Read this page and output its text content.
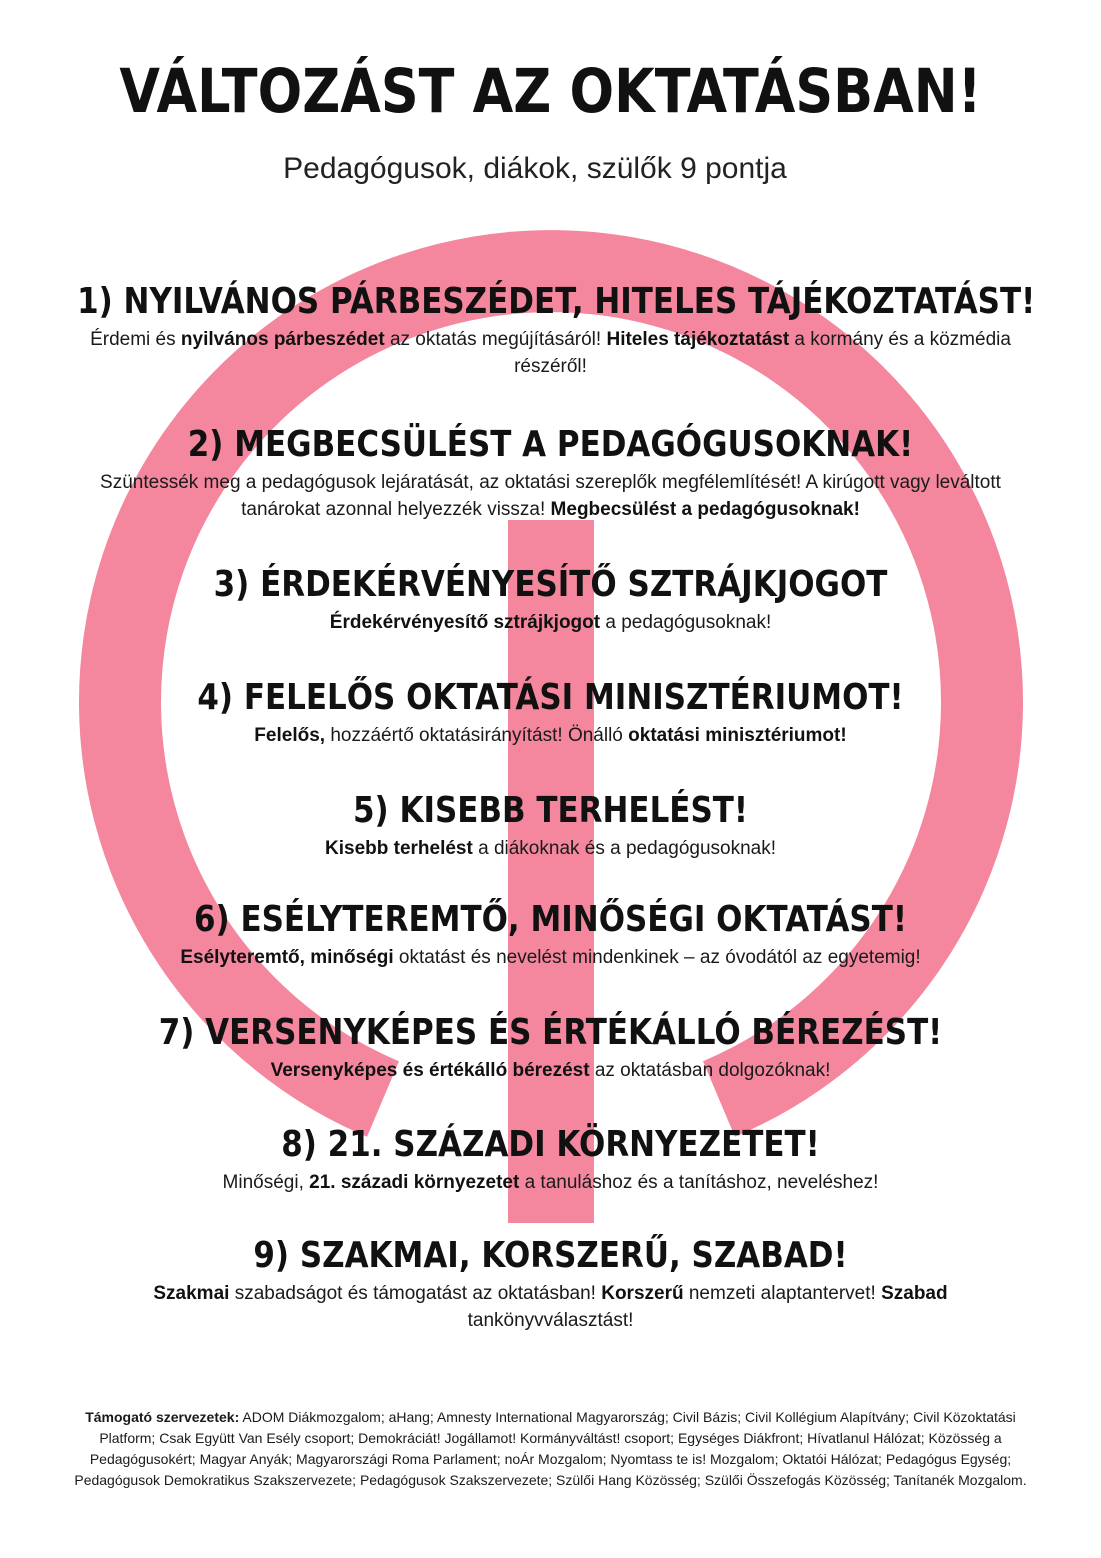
VÁLTOZÁST AZ OKTATÁSBAN!
Pedagógusok, diákok, szülők 9 pontja
1) NYILVÁNOS PÁRBESZÉDET, HITELES TÁJÉKOZTATÁST!

Érdemi és nyilvános párbeszédet az oktatás megújításáról! Hiteles tájékoztatást a kormány és a közmédia részéről!

2) MEGBECSÜLÉST A PEDAGÓGUSOKNAK!

Szüntessék meg a pedagógusok lejáratását, az oktatási szereplők megfélemlítését! A kirúgott vagy leváltott tanárokat azonnal helyezzék vissza! Megbecsülést a pedagógusoknak!

3) ÉRDEKÉRVÉNYESÍTŐ SZTRÁJKJOGOT

Érdekérvényesítő sztrájkjogot a pedagógusoknak!

4) FELELŐS OKTATÁSI MINISZTÉRIUMOT!

Felelős, hozzáértő oktatásirányítást! Önálló oktatási minisztériumot!

5) KISEBB TERHELÉST!

Kisebb terhelést a diákoknak és a pedagógusoknak!

6) ESÉLYTEREMTŐ, MINŐSÉGI OKTATÁST!

Esélyteremtő, minőségi oktatást és nevelést mindenkinek – az óvodától az egyetemig!

7) VERSENYKÉPES ÉS ÉRTÉKÁLLÓ BÉREZÉST!

Versenyképes és értékálló bérezést az oktatásban dolgozóknak!

8) 21. SZÁZADI KÖRNYEZETET!

Minőségi, 21. századi környezetet a tanuláshoz és a tanításhoz, neveléshez!

9) SZAKMAI, KORSZERŰ, SZABAD!

Szakmai szabadságot és támogatást az oktatásban! Korszerű nemzeti alaptantervet! Szabad tankönyvválasztást!

Támogató szervezetek: ADOM Diákmozgalom; aHang; Amnesty International Magyarország; Civil Bázis; Civil Kollégium Alapítvány; Civil Közoktatási Platform; Csak Együtt Van Esély csoport; Demokráciát! Jogállamot! Kormányváltást! csoport; Egységes Diákfront; Hívatlanul Hálózat; Közösség a Pedagógusokért; Magyar Anyák; Magyarországi Roma Parlament; noÁr Mozgalom; Nyomtass te is! Mozgalom; Oktatói Hálózat; Pedagógus Egység; Pedagógusok Demokratikus Szakszervezete; Pedagógusok Szakszervezete; Szülői Hang Közösség; Szülői Összefogás Közösség; Tanítanék Mozgalom.
